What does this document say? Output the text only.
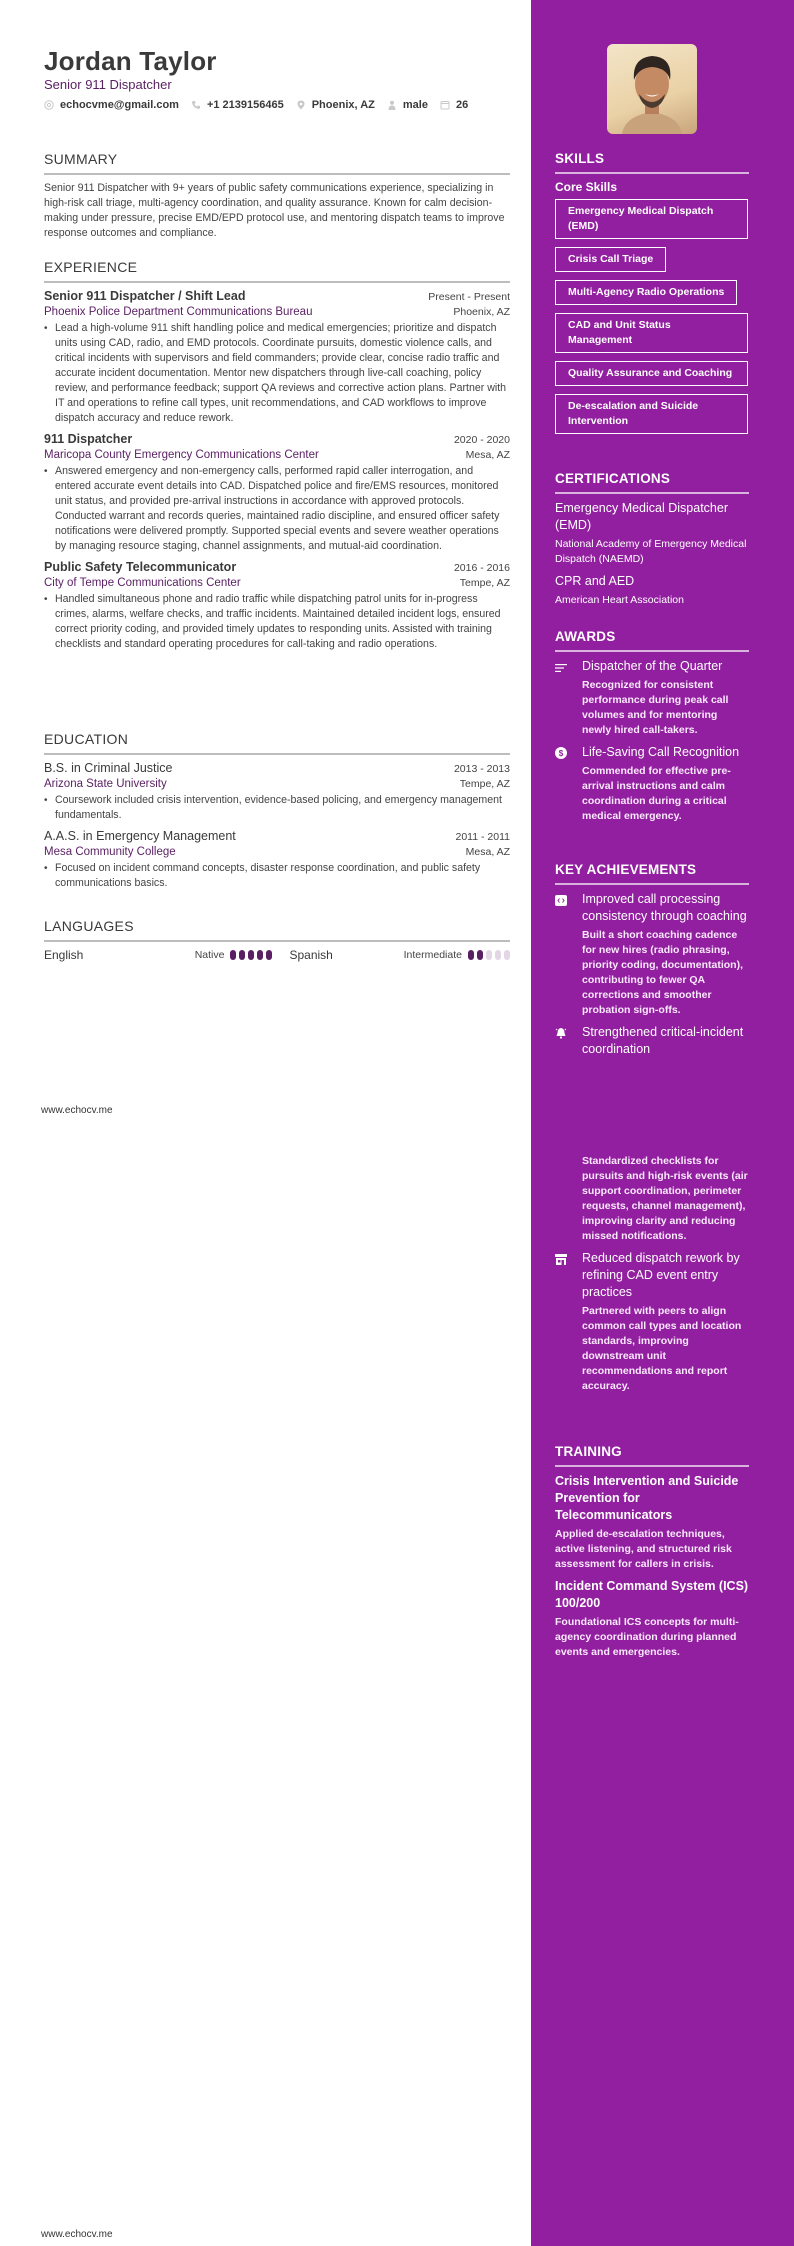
Jordan Taylor
Senior 911 Dispatcher
echocvme@gmail.com	+1 2139156465	Phoenix, AZ	male	26
SUMMARY
Senior 911 Dispatcher with 9+ years of public safety communications experience, specializing in high-risk call triage, multi-agency coordination, and quality assurance. Known for calm decision-making under pressure, precise EMD/EPD protocol use, and mentoring dispatch teams to improve response outcomes and compliance.
EXPERIENCE
Senior 911 Dispatcher / Shift Lead	Present - Present
Phoenix Police Department Communications Bureau	Phoenix, AZ
• Lead a high-volume 911 shift handling police and medical emergencies; prioritize and dispatch units using CAD, radio, and EMD protocols. Coordinate pursuits, domestic violence calls, and critical incidents with supervisors and field commanders; provide clear, concise radio traffic and accurate incident documentation. Mentor new dispatchers through live-call coaching, policy review, and performance feedback; support QA reviews and corrective action plans. Partner with IT and operations to refine call types, unit recommendations, and CAD workflows to improve dispatch accuracy and reduce rework.
911 Dispatcher	2020 - 2020
Maricopa County Emergency Communications Center	Mesa, AZ
• Answered emergency and non-emergency calls, performed rapid caller interrogation, and entered accurate event details into CAD. Dispatched police and fire/EMS resources, monitored unit status, and provided pre-arrival instructions in accordance with approved protocols. Conducted warrant and records queries, maintained radio discipline, and ensured officer safety notifications were delivered promptly. Supported special events and severe weather operations by managing resource staging, channel assignments, and mutual-aid coordination.
Public Safety Telecommunicator	2016 - 2016
City of Tempe Communications Center	Tempe, AZ
• Handled simultaneous phone and radio traffic while dispatching patrol units for in-progress crimes, alarms, welfare checks, and traffic incidents. Maintained detailed incident logs, ensured correct priority coding, and provided timely updates to responding units. Assisted with training checklists and standard operating procedures for call-taking and radio operations.
EDUCATION
B.S. in Criminal Justice	2013 - 2013
Arizona State University	Tempe, AZ
• Coursework included crisis intervention, evidence-based policing, and emergency management fundamentals.
A.A.S. in Emergency Management	2011 - 2011
Mesa Community College	Mesa, AZ
• Focused on incident command concepts, disaster response coordination, and public safety communications basics.
LANGUAGES
English	Native	Spanish	Intermediate
www.echocv.me
www.echocv.me
SKILLS
Core Skills
Emergency Medical Dispatch (EMD)
Crisis Call Triage
Multi-Agency Radio Operations
CAD and Unit Status Management
Quality Assurance and Coaching
De-escalation and Suicide Intervention
CERTIFICATIONS
Emergency Medical Dispatcher (EMD)
National Academy of Emergency Medical Dispatch (NAEMD)
CPR and AED
American Heart Association
AWARDS
Dispatcher of the Quarter
Recognized for consistent performance during peak call volumes and for mentoring newly hired call-takers.
$ Life-Saving Call Recognition
Commended for effective pre-arrival instructions and calm coordination during a critical medical emergency.
KEY ACHIEVEMENTS
Improved call processing consistency through coaching
Built a short coaching cadence for new hires (radio phrasing, priority coding, documentation), contributing to fewer QA corrections and smoother probation sign-offs.
Strengthened critical-incident coordination
Standardized checklists for pursuits and high-risk events (air support coordination, perimeter requests, channel management), improving clarity and reducing missed notifications.
Reduced dispatch rework by refining CAD event entry practices
Partnered with peers to align common call types and location standards, improving downstream unit recommendations and report accuracy.
TRAINING
Crisis Intervention and Suicide Prevention for Telecommunicators
Applied de-escalation techniques, active listening, and structured risk assessment for callers in crisis.
Incident Command System (ICS) 100/200
Foundational ICS concepts for multi-agency coordination during planned events and emergencies.
